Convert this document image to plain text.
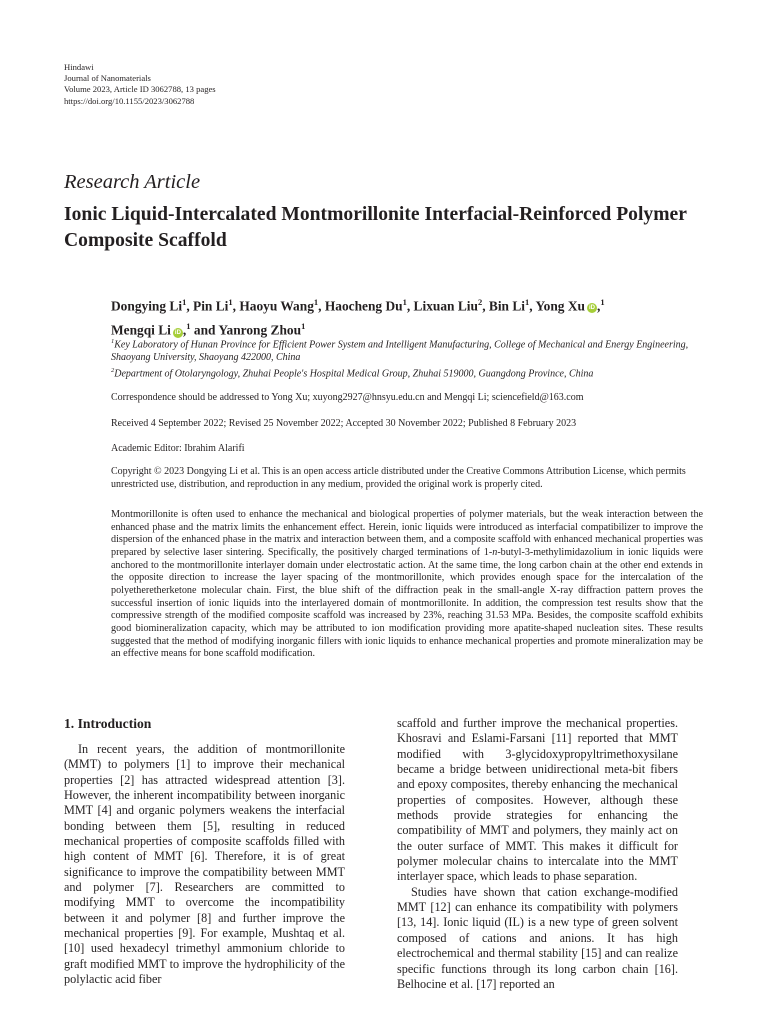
Hindawi
Journal of Nanomaterials
Volume 2023, Article ID 3062788, 13 pages
https://doi.org/10.1155/2023/3062788
Research Article
Ionic Liquid-Intercalated Montmorillonite Interfacial-Reinforced Polymer Composite Scaffold
Dongying Li$^1$, Pin Li$^1$, Haoyu Wang$^1$, Haocheng Du$^1$, Lixuan Liu$^2$, Bin Li$^1$, Yong Xu iD ,$^1$
Mengqi Li iD ,$^1$ and Yanrong Zhou$^1$
$^1$Key Laboratory of Hunan Province for Efficient Power System and Intelligent Manufacturing, College of Mechanical and Energy Engineering, Shaoyang University, Shaoyang 422000, China
$^2$Department of Otolaryngology, Zhuhai People's Hospital Medical Group, Zhuhai 519000, Guangdong Province, China
Correspondence should be addressed to Yong Xu; xuyong2927@hnsyu.edu.cn and Mengqi Li; sciencefield@163.com
Received 4 September 2022; Revised 25 November 2022; Accepted 30 November 2022; Published 8 February 2023
Academic Editor: Ibrahim Alarifi
Copyright © 2023 Dongying Li et al. This is an open access article distributed under the Creative Commons Attribution License, which permits unrestricted use, distribution, and reproduction in any medium, provided the original work is properly cited.
Montmorillonite is often used to enhance the mechanical and biological properties of polymer materials, but the weak interaction between the enhanced phase and the matrix limits the enhancement effect. Herein, ionic liquids were introduced as interfacial compatibilizer to improve the dispersion of the enhanced phase in the matrix and interaction between them, and a composite scaffold with enhanced mechanical properties was prepared by selective laser sintering. Specifically, the positively charged terminations of 1-n-butyl-3-methylimidazolium in ionic liquids were anchored to the montmorillonite interlayer domain under electrostatic action. At the same time, the long carbon chain at the other end extends in the opposite direction to increase the layer spacing of the montmorillonite, which provides enough space for the intercalation of the polyetheretherketone molecular chain. First, the blue shift of the diffraction peak in the small-angle X-ray diffraction pattern proves the successful insertion of ionic liquids into the interlayered domain of montmorillonite. In addition, the compression test results show that the compressive strength of the modified composite scaffold was increased by 23%, reaching 31.53 MPa. Besides, the composite scaffold exhibits good biomineralization capacity, which may be attributed to ion modification providing more apatite-shaped nucleation sites. These results suggested that the method of modifying inorganic fillers with ionic liquids to enhance mechanical properties and promote mineralization may be an effective means for bone scaffold modification.
1. Introduction

In recent years, the addition of montmorillonite (MMT) to polymers [1] to improve their mechanical properties [2] has attracted widespread attention [3]. However, the inherent incompatibility between inorganic MMT [4] and organic polymers weakens the interfacial bonding between them [5], resulting in reduced mechanical properties of composite scaffolds filled with high content of MMT [6]. Therefore, it is of great significance to improve the compatibility between MMT and polymer [7]. Researchers are committed to modifying MMT to overcome the incompatibility between it and polymer [8] and further improve the mechanical properties [9]. For example, Mushtaq et al. [10] used hexadecyl trimethyl ammonium chloride to graft modified MMT to improve the hydrophilicity of the polylactic acid fiber

scaffold and further improve the mechanical properties. Khosravi and Eslami-Farsani [11] reported that MMT modified with 3-glycidoxypropyltrimethoxysilane became a bridge between unidirectional meta-bit fibers and epoxy composites, thereby enhancing the mechanical properties of composites. However, although these methods provide strategies for enhancing the compatibility of MMT and polymers, they mainly act on the outer surface of MMT. This makes it difficult for polymer molecular chains to intercalate into the MMT interlayer space, which leads to phase separation.

Studies have shown that cation exchange-modified MMT [12] can enhance its compatibility with polymers [13, 14]. Ionic liquid (IL) is a new type of green solvent composed of cations and anions. It has high electrochemical and thermal stability [15] and can realize specific functions through its long carbon chain [16]. Belhocine et al. [17] reported an
